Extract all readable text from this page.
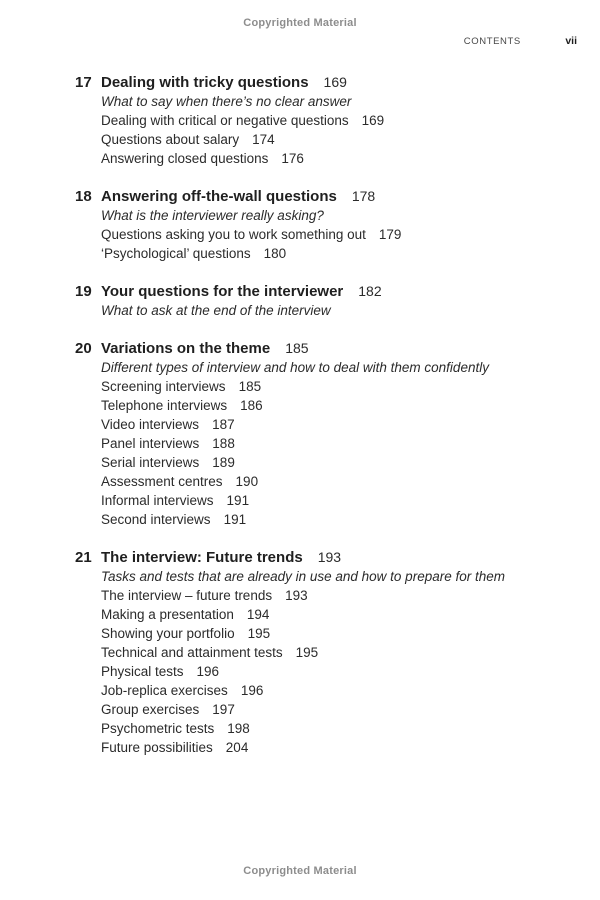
Copyrighted Material
CONTENTS	vii
17 Dealing with tricky questions 169
What to say when there’s no clear answer
Dealing with critical or negative questions 169
Questions about salary 174
Answering closed questions 176
18 Answering off-the-wall questions 178
What is the interviewer really asking?
Questions asking you to work something out 179
‘Psychological’ questions 180
19 Your questions for the interviewer 182
What to ask at the end of the interview
20 Variations on the theme 185
Different types of interview and how to deal with them confidently
Screening interviews 185
Telephone interviews 186
Video interviews 187
Panel interviews 188
Serial interviews 189
Assessment centres 190
Informal interviews 191
Second interviews 191
21 The interview: Future trends 193
Tasks and tests that are already in use and how to prepare for them
The interview – future trends 193
Making a presentation 194
Showing your portfolio 195
Technical and attainment tests 195
Physical tests 196
Job-replica exercises 196
Group exercises 197
Psychometric tests 198
Future possibilities 204
Copyrighted Material
